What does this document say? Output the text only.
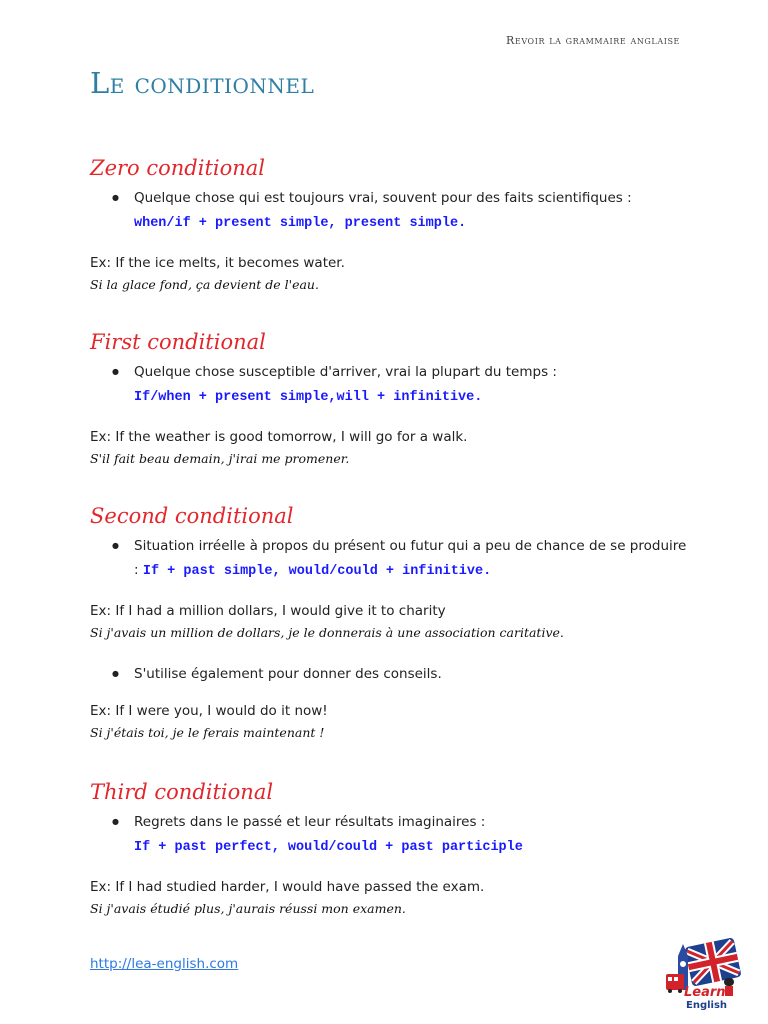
Revoir la grammaire anglaise
Le conditionnel
Zero conditional
● Quelque chose qui est toujours vrai, souvent pour des faits scientifiques : when/if + present simple, present simple.

Ex: If the ice melts, it becomes water.

Si la glace fond, ça devient de l'eau.

First conditional
● Quelque chose susceptible d'arriver, vrai la plupart du temps :
If/when + present simple,will + infinitive.

Ex: If the weather is good tomorrow, I will go for a walk.

S'il fait beau demain, j'irai me promener.

Second conditional
● Situation irréelle à propos du présent ou futur qui a peu de chance de se produire : If + past simple, would/could + infinitive.

Ex: If I had a million dollars, I would give it to charity

Si j'avais un million de dollars, je le donnerais à une association caritative.

● S'utilise également pour donner des conseils.

Ex: If I were you, I would do it now!

Si j'étais toi, je le ferais maintenant !

Third conditional
● Regrets dans le passé et leur résultats imaginaires :
If + past perfect, would/could + past participle

Ex: If I had studied harder, I would have passed the exam.

Si j'avais étudié plus, j'aurais réussi mon examen.

http://lea-english.com
Learn
English
